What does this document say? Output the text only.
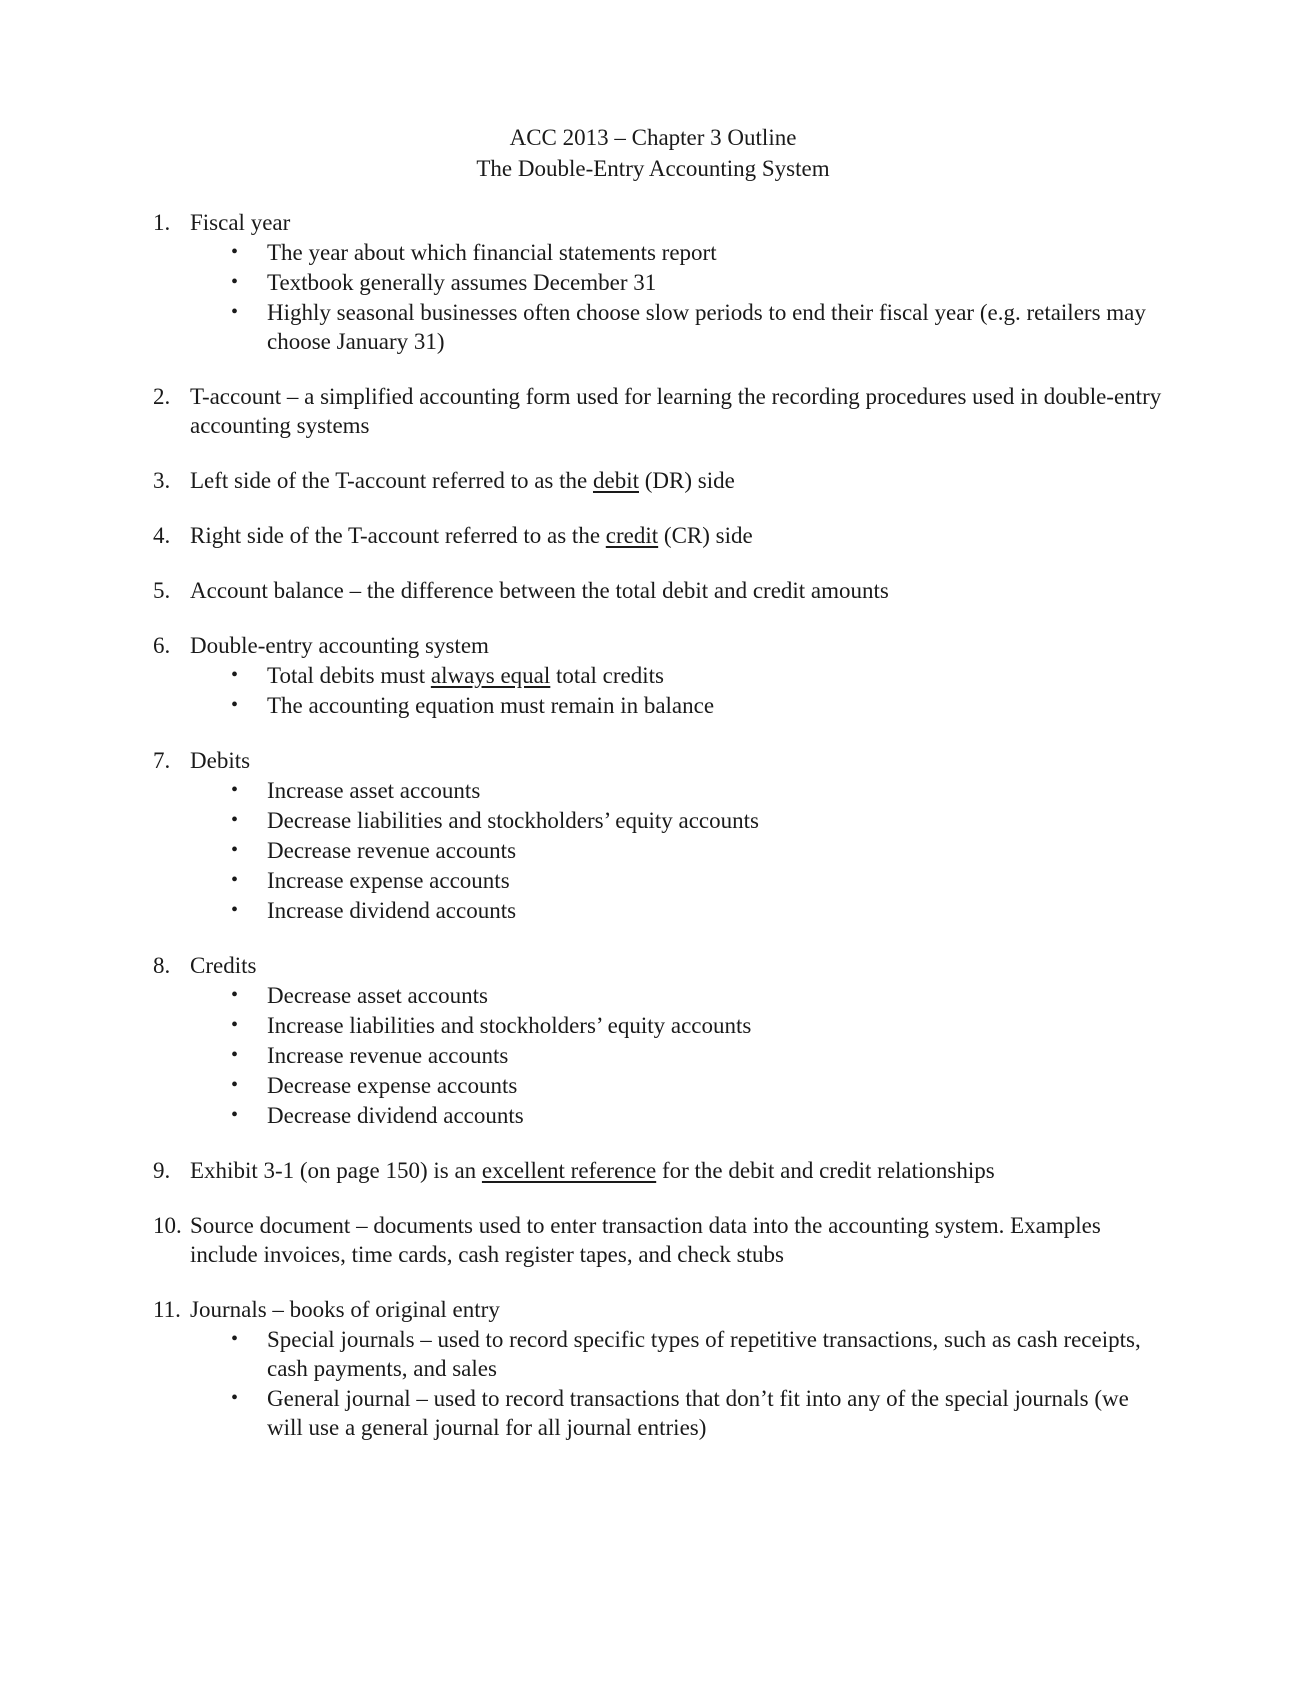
ACC 2013 – Chapter 3 Outline
The Double-Entry Accounting System
1. Fiscal year
• The year about which financial statements report
• Textbook generally assumes December 31
• Highly seasonal businesses often choose slow periods to end their fiscal year (e.g. retailers may choose January 31)
2. T-account – a simplified accounting form used for learning the recording procedures used in double-entry accounting systems
3. Left side of the T-account referred to as the debit (DR) side
4. Right side of the T-account referred to as the credit (CR) side
5. Account balance – the difference between the total debit and credit amounts
6. Double-entry accounting system
• Total debits must always equal total credits
• The accounting equation must remain in balance
7. Debits
• Increase asset accounts
• Decrease liabilities and stockholders’ equity accounts
• Decrease revenue accounts
• Increase expense accounts
• Increase dividend accounts
8. Credits
• Decrease asset accounts
• Increase liabilities and stockholders’ equity accounts
• Increase revenue accounts
• Decrease expense accounts
• Decrease dividend accounts
9. Exhibit 3-1 (on page 150) is an excellent reference for the debit and credit relationships
10. Source document – documents used to enter transaction data into the accounting system. Examples include invoices, time cards, cash register tapes, and check stubs
11. Journals – books of original entry
• Special journals – used to record specific types of repetitive transactions, such as cash receipts, cash payments, and sales
• General journal – used to record transactions that don’t fit into any of the special journals (we will use a general journal for all journal entries)
